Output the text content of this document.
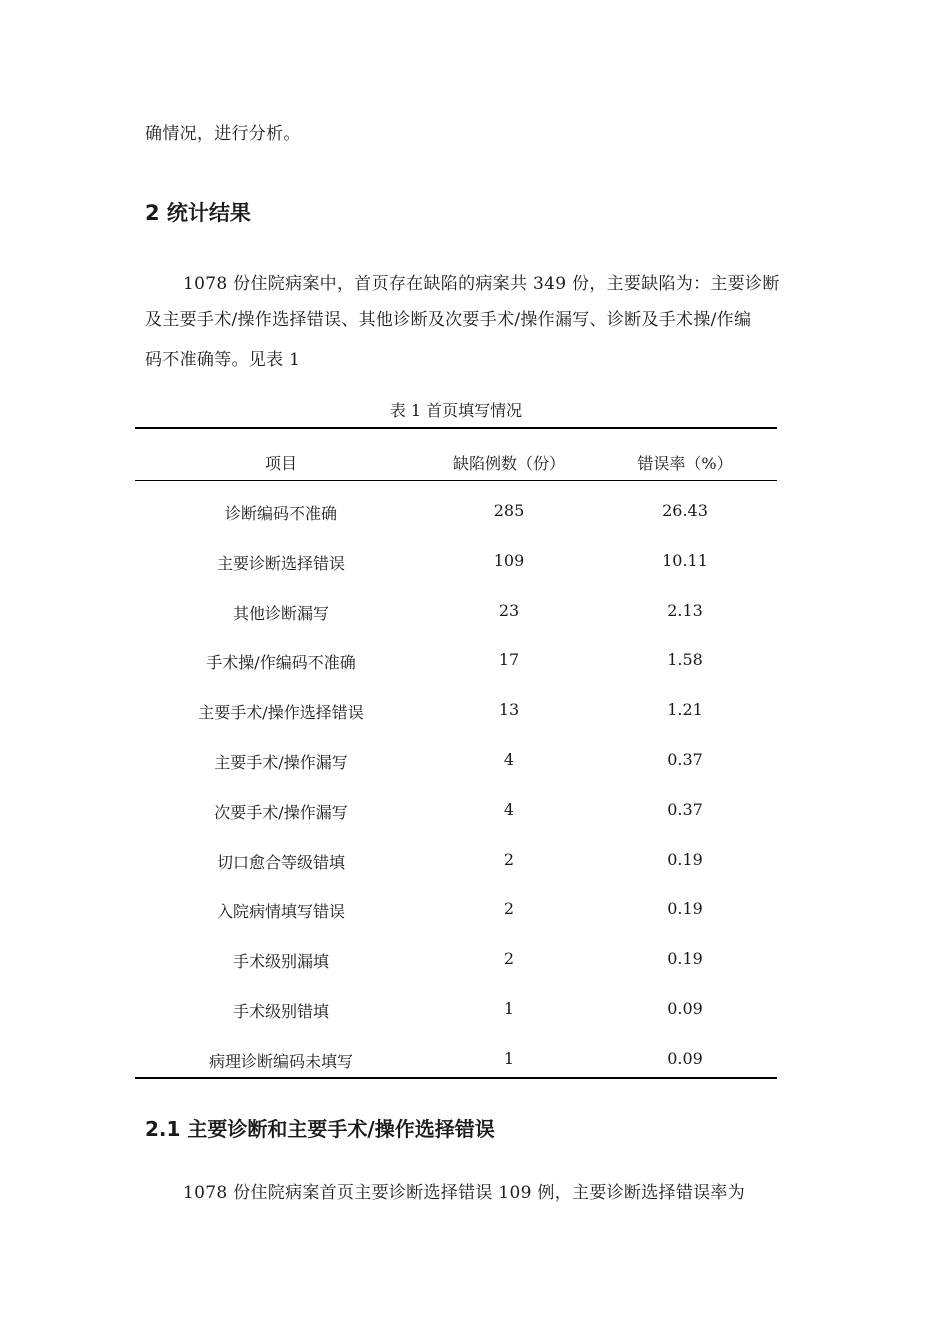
确情况，进行分析。
2 统计结果
1078 份住院病案中，首页存在缺陷的病案共 349 份，主要缺陷为：主要诊断
及主要手术/操作选择错误、其他诊断及次要手术/操作漏写、诊断及手术操/作编
码不准确等。见表 1
表 1 首页填写情况
项目	缺陷例数（份）	错误率（%）
诊断编码不准确	285	26.43
主要诊断选择错误	109	10.11
其他诊断漏写	23	2.13
手术操/作编码不准确	17	1.58
主要手术/操作选择错误	13	1.21
主要手术/操作漏写	4	0.37
次要手术/操作漏写	4	0.37
切口愈合等级错填	2	0.19
入院病情填写错误	2	0.19
手术级别漏填	2	0.19
手术级别错填	1	0.09
病理诊断编码未填写	1	0.09
2.1 主要诊断和主要手术/操作选择错误
1078 份住院病案首页主要诊断选择错误 109 例，主要诊断选择错误率为
